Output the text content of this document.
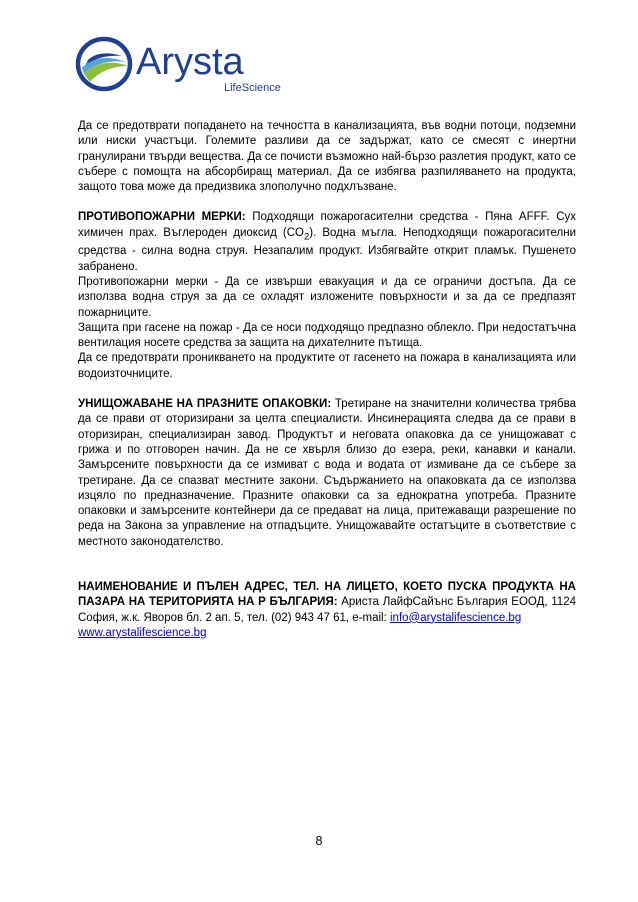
Arysta
LifeScience

Да се предотврати попадането на течността в канализацията, във водни потоци, подземни или ниски участъци. Големите разливи да се задържат, като се смесят с инертни гранулирани твърди вещества. Да се почисти възможно най-бързо разлетия продукт, като се събере с помощта на абсорбиращ материал. Да се избягва разпиляването на продукта, защото това може да предизвика злополучно подхлъзване.

ПРОТИВОПОЖАРНИ МЕРКИ: Подходящи пожарогасителни средства - Пяна AFFF. Сух химичен прах. Въглероден диоксид $(CO_2)$. Водна мъгла. Неподходящи пожарогасителни средства - силна водна струя. Незапалим продукт. Избягвайте открит пламък. Пушенето забранено.

Противопожарни мерки - Да се извърши евакуация и да се ограничи достъпа. Да се използва водна струя за да се охладят изложените повърхности и за да се предпазят пожарниците.

Защита при гасене на пожар - Да се носи подходящо предпазно облекло. При недостатъчна вентилация носете средства за защита на дихателните пътища.

Да се предотврати проникването на продуктите от гасенето на пожара в канализацията или водоизточниците.

УНИЩОЖАВАНЕ НА ПРАЗНИТЕ ОПАКОВКИ: Третиране на значителни количества трябва да се прави от оторизирани за целта специалисти. Инсинерацията следва да се прави в оторизиран, специализиран завод. Продуктът и неговата опаковка да се унищожават с грижа и по отговорен начин. Да не се хвърля близо до езера, реки, канавки и канали. Замърсените повърхности да се измиват с вода и водата от измиване да се събере за третиране. Да се спазват местните закони. Съдържанието на опаковката да се използва изцяло по предназначение. Празните опаковки са за еднократна употреба. Празните опаковки и замърсените контейнери да се предават на лица, притежаващи разрешение по реда на Закона за управление на отпадъците. Унищожавайте остатъците в съответствие с местното законодателство.

НАИМЕНОВАНИЕ И ПЪЛЕН АДРЕС, ТЕЛ. НА ЛИЦЕТО, КОЕТО ПУСКА ПРОДУКТА НА ПАЗАРА НА ТЕРИТОРИЯТА НА Р БЪЛГАРИЯ: Ариста ЛайфСайънс България ЕООД, 1124 София, ж.к. Яворов бл. 2 ап. 5, тел. (02) 943 47 61, e-mail: info@arystalifescience.bg
www.arystalifescience.bg

8
